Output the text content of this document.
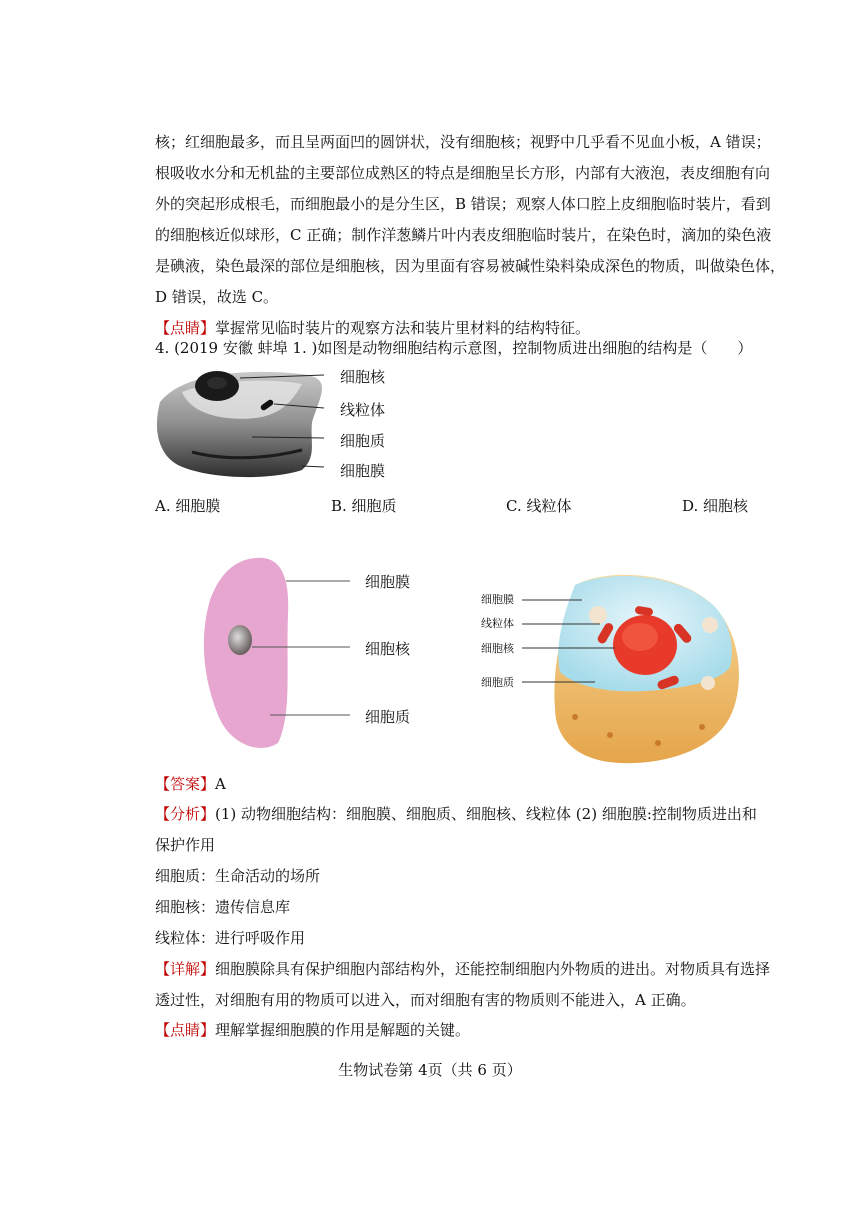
核；红细胞最多，而且呈两面凹的圆饼状，没有细胞核；视野中几乎看不见血小板，A 错误；
根吸收水分和无机盐的主要部位成熟区的特点是细胞呈长方形，内部有大液泡，表皮细胞有向
外的突起形成根毛，而细胞最小的是分生区，B 错误；观察人体口腔上皮细胞临时装片，看到
的细胞核近似球形，C 正确；制作洋葱鳞片叶内表皮细胞临时装片，在染色时，滴加的染色液
是碘液，染色最深的部位是细胞核，因为里面有容易被碱性染料染成深色的物质，叫做染色体，
D 错误，故选 C。
【点睛】掌握常见临时装片的观察方法和装片里材料的结构特征。
4. (2019 安徽 蚌埠 1. )如图是动物细胞结构示意图，控制物质进出细胞的结构是（　　）
细胞核
线粒体
细胞质
细胞膜
A. 细胞膜	B. 细胞质	C. 线粒体	D. 细胞核
细胞膜
细胞核
细胞质
细胞膜
线粒体
细胞核
细胞质
【答案】A
【分析】(1) 动物细胞结构：细胞膜、细胞质、细胞核、线粒体 (2) 细胞膜:控制物质进出和
保护作用
细胞质：生命活动的场所
细胞核：遗传信息库
线粒体：进行呼吸作用
【详解】细胞膜除具有保护细胞内部结构外，还能控制细胞内外物质的进出。对物质具有选择
透过性，对细胞有用的物质可以进入，而对细胞有害的物质则不能进入，A 正确。
【点睛】理解掌握细胞膜的作用是解题的关键。
生物试卷第 4页（共 6 页）
